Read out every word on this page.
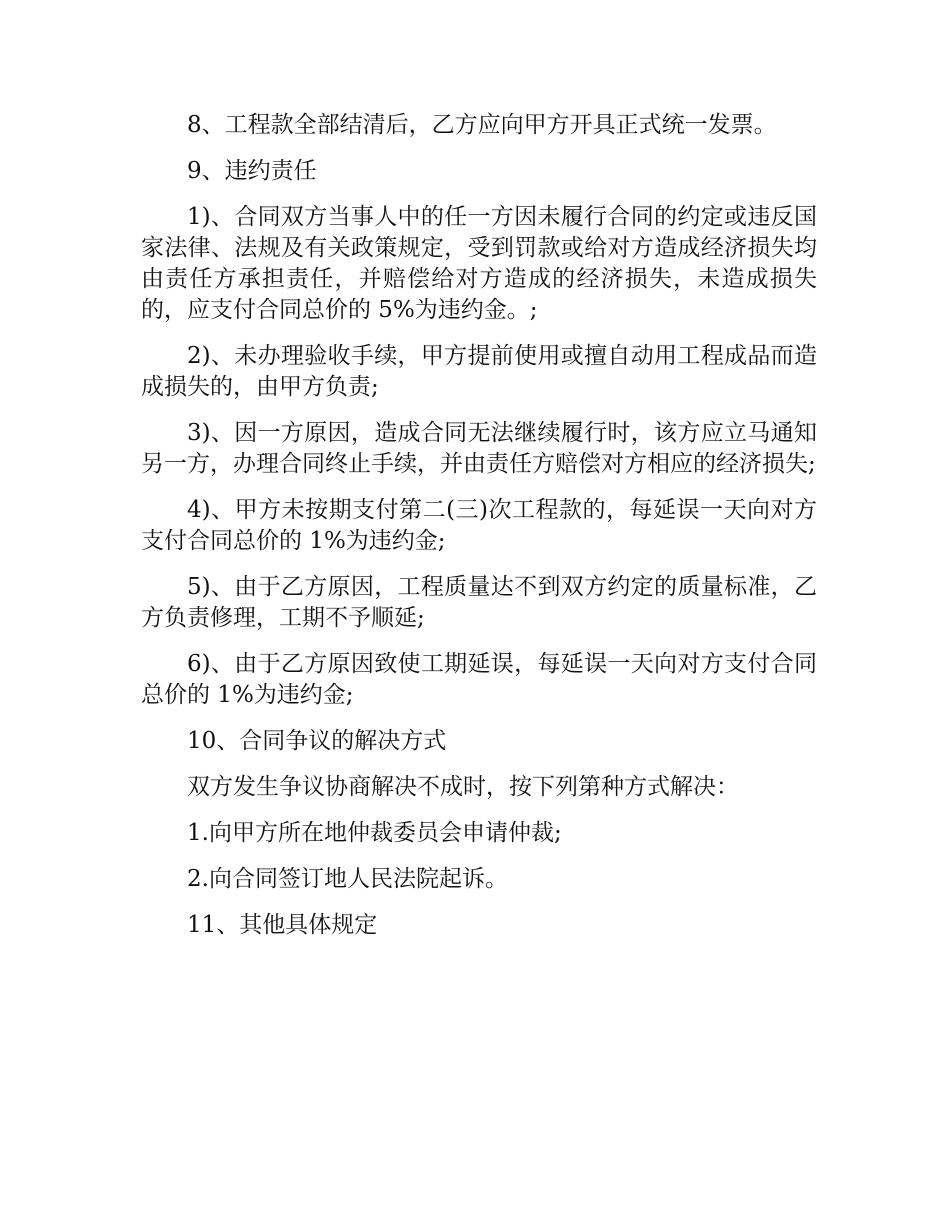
8、工程款全部结清后，乙方应向甲方开具正式统一发票。

9、违约责任

1)、合同双方当事人中的任一方因未履行合同的约定或违反国家法律、法规及有关政策规定，受到罚款或给对方造成经济损失均由责任方承担责任，并赔偿给对方造成的经济损失，未造成损失的，应支付合同总价的 5%为违约金。;

2)、未办理验收手续，甲方提前使用或擅自动用工程成品而造成损失的，由甲方负责;

3)、因一方原因，造成合同无法继续履行时，该方应立马通知另一方，办理合同终止手续，并由责任方赔偿对方相应的经济损失;

4)、甲方未按期支付第二(三)次工程款的，每延误一天向对方支付合同总价的 1%为违约金;

5)、由于乙方原因，工程质量达不到双方约定的质量标准，乙方负责修理，工期不予顺延;

6)、由于乙方原因致使工期延误，每延误一天向对方支付合同总价的 1%为违约金;

10、合同争议的解决方式

双方发生争议协商解决不成时，按下列第种方式解决：

1.向甲方所在地仲裁委员会申请仲裁;

2.向合同签订地人民法院起诉。

11、其他具体规定
